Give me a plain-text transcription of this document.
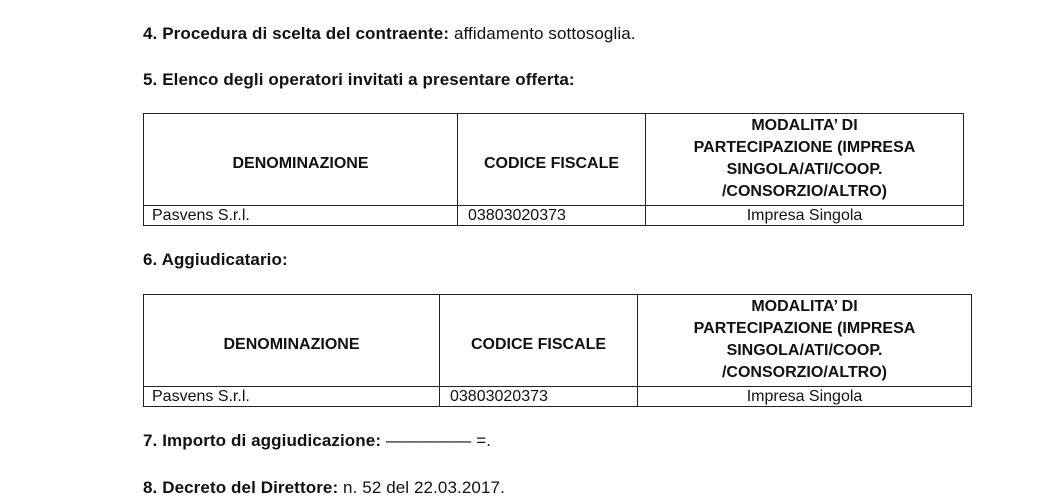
4. Procedura di scelta del contraente: affidamento sottosoglia.
5. Elenco degli operatori invitati a presentare offerta:
DENOMINAZIONE	CODICE FISCALE	MODALITA’ DI
PARTECIPAZIONE (IMPRESA
SINGOLA/ATI/COOP.
/CONSORZIO/ALTRO)

Pasvens S.r.l.	03803020373	Impresa Singola
6. Aggiudicatario:
DENOMINAZIONE	CODICE FISCALE	MODALITA’ DI
PARTECIPAZIONE (IMPRESA
SINGOLA/ATI/COOP.
/CONSORZIO/ALTRO)

Pasvens S.r.l.	03803020373	Impresa Singola
7. Importo di aggiudicazione: ————— =.
8. Decreto del Direttore: n. 52 del 22.03.2017.
